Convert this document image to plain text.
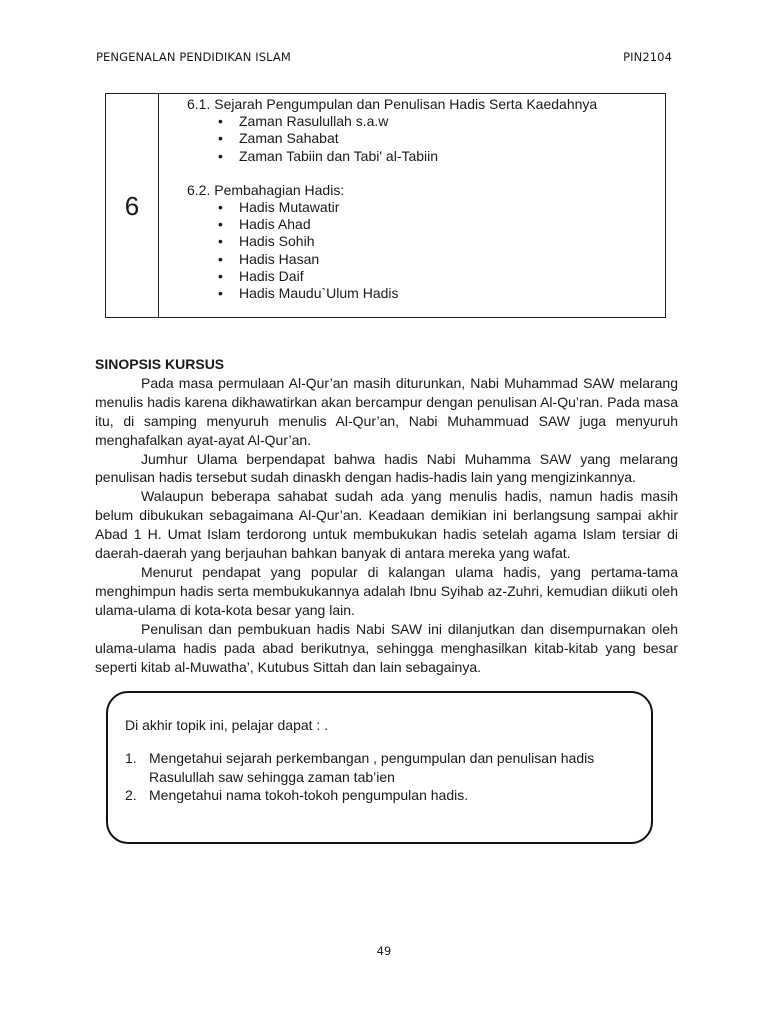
PENGENALAN PENDIDIKAN ISLAM	PIN2104
6

6.1. Sejarah Pengumpulan dan Penulisan Hadis Serta Kaedahnya

• Zaman Rasulullah s.a.w
• Zaman Sahabat
• Zaman Tabiin dan Tabi' al-Tabiin

6.2. Pembahagian Hadis:

• Hadis Mutawatir
• Hadis Ahad
• Hadis Sohih
• Hadis Hasan
• Hadis Daif
• Hadis Maudu`Ulum Hadis
SINOPSIS KURSUS

Pada masa permulaan Al-Qur’an masih diturunkan, Nabi Muhammad SAW melarang menulis hadis karena dikhawatirkan akan bercampur dengan penulisan Al-Qu’ran. Pada masa itu, di samping menyuruh menulis Al-Qur’an, Nabi Muhammuad SAW juga menyuruh menghafalkan ayat-ayat Al-Qur’an.

Jumhur Ulama berpendapat bahwa hadis Nabi Muhamma SAW yang melarang penulisan hadis tersebut sudah dinaskh dengan hadis-hadis lain yang mengizinkannya.

Walaupun beberapa sahabat sudah ada yang menulis hadis, namun hadis masih belum dibukukan sebagaimana Al-Qur’an. Keadaan demikian ini berlangsung sampai akhir Abad 1 H. Umat Islam terdorong untuk membukukan hadis setelah agama Islam tersiar di daerah-daerah yang berjauhan bahkan banyak di antara mereka yang wafat.

Menurut pendapat yang popular di kalangan ulama hadis, yang pertama-tama menghimpun hadis serta membukukannya adalah Ibnu Syihab az-Zuhri, kemudian diikuti oleh ulama-ulama di kota-kota besar yang lain.

Penulisan dan pembukuan hadis Nabi SAW ini dilanjutkan dan disempurnakan oleh ulama-ulama hadis pada abad berikutnya, sehingga menghasilkan kitab-kitab yang besar seperti kitab al-Muwatha’, Kutubus Sittah dan lain sebagainya.

Di akhir topik ini, pelajar dapat : .
1. Mengetahui sejarah perkembangan , pengumpulan dan penulisan hadis Rasulullah saw sehingga zaman tab’ien
2. Mengetahui nama tokoh-tokoh pengumpulan hadis.
49
